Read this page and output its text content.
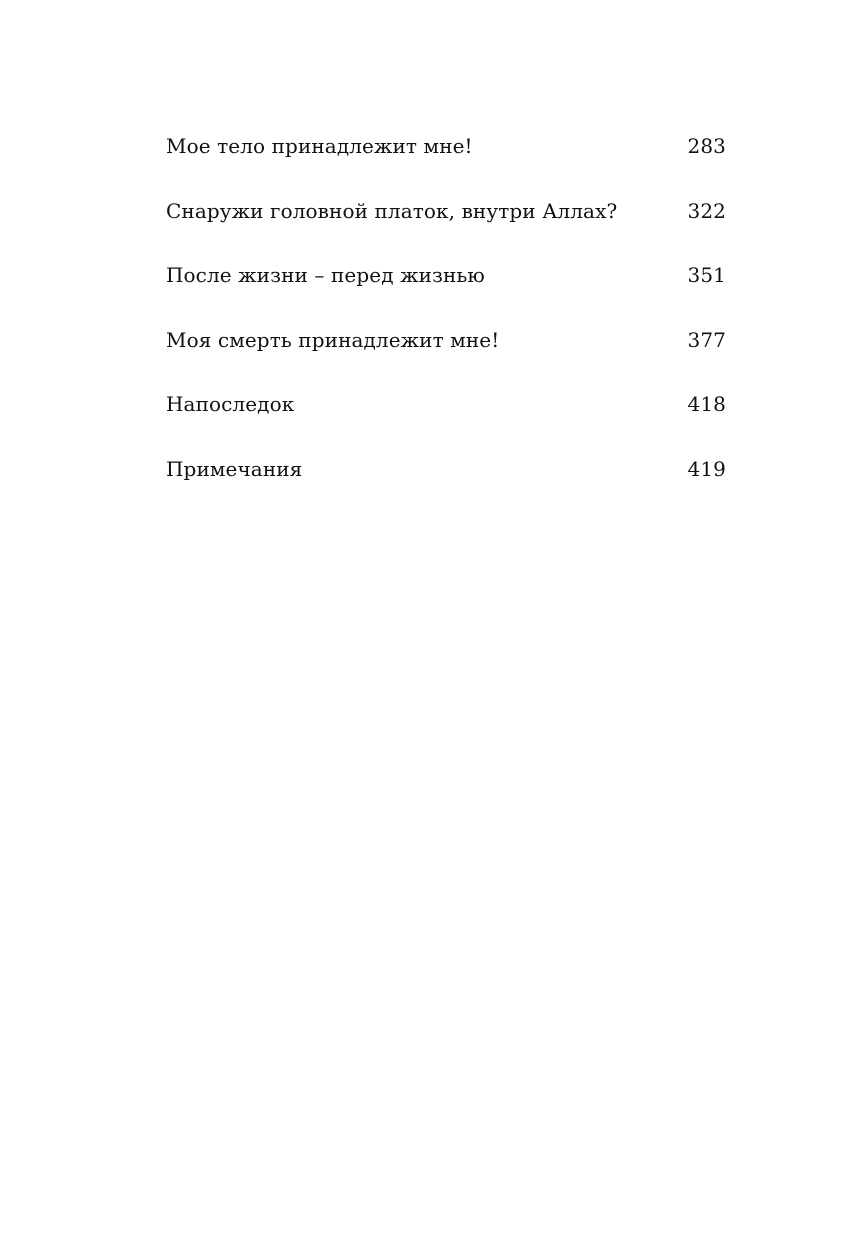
Мое тело принадлежит мне!	283
Снаружи головной платок, внутри Аллах?	322
После жизни – перед жизнью	351
Моя смерть принадлежит мне!	377
Напоследок	418
Примечания	419
